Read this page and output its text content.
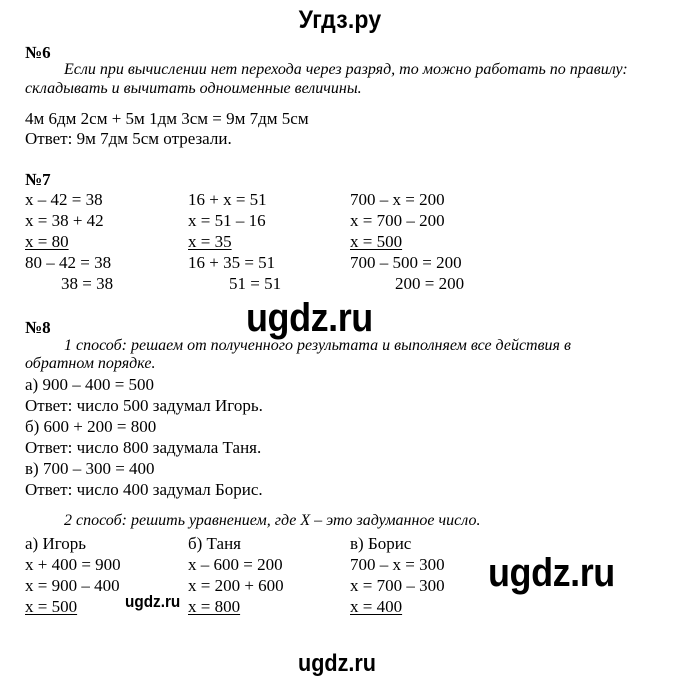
Угдз.ру
№6
Если при вычислении нет перехода через разряд, то можно работать по правилу:
складывать и вычитать одноименные величины.
4м 6дм 2см + 5м 1дм 3см = 9м 7дм 5см
Ответ: 9м 7дм 5см отрезали.
№7
x – 42 = 38
x = 38 + 42
x = 80
80 – 42 = 38
38 = 38
16 + x = 51
x = 51 – 16
x = 35
16 + 35 = 51
51 = 51
700 – x = 200
x = 700 – 200
x = 500
700 – 500 = 200
200 = 200
ugdz.ru
№8
1 способ: решаем от полученного результата и выполняем все действия в
обратном порядке.
а) 900 – 400 = 500
Ответ: число 500 задумал Игорь.
б) 600 + 200 = 800
Ответ: число 800 задумала Таня.
в) 700 – 300 = 400
Ответ: число 400 задумал Борис.
2 способ: решить уравнением, где X – это задуманное число.
а) Игорь
x + 400 = 900
x = 900 – 400
x = 500
б) Таня
x – 600 = 200
x = 200 + 600
x = 800
в) Борис
700 – x = 300
x = 700 – 300
x = 400
ugdz.ru
ugdz.ru
ugdz.ru
